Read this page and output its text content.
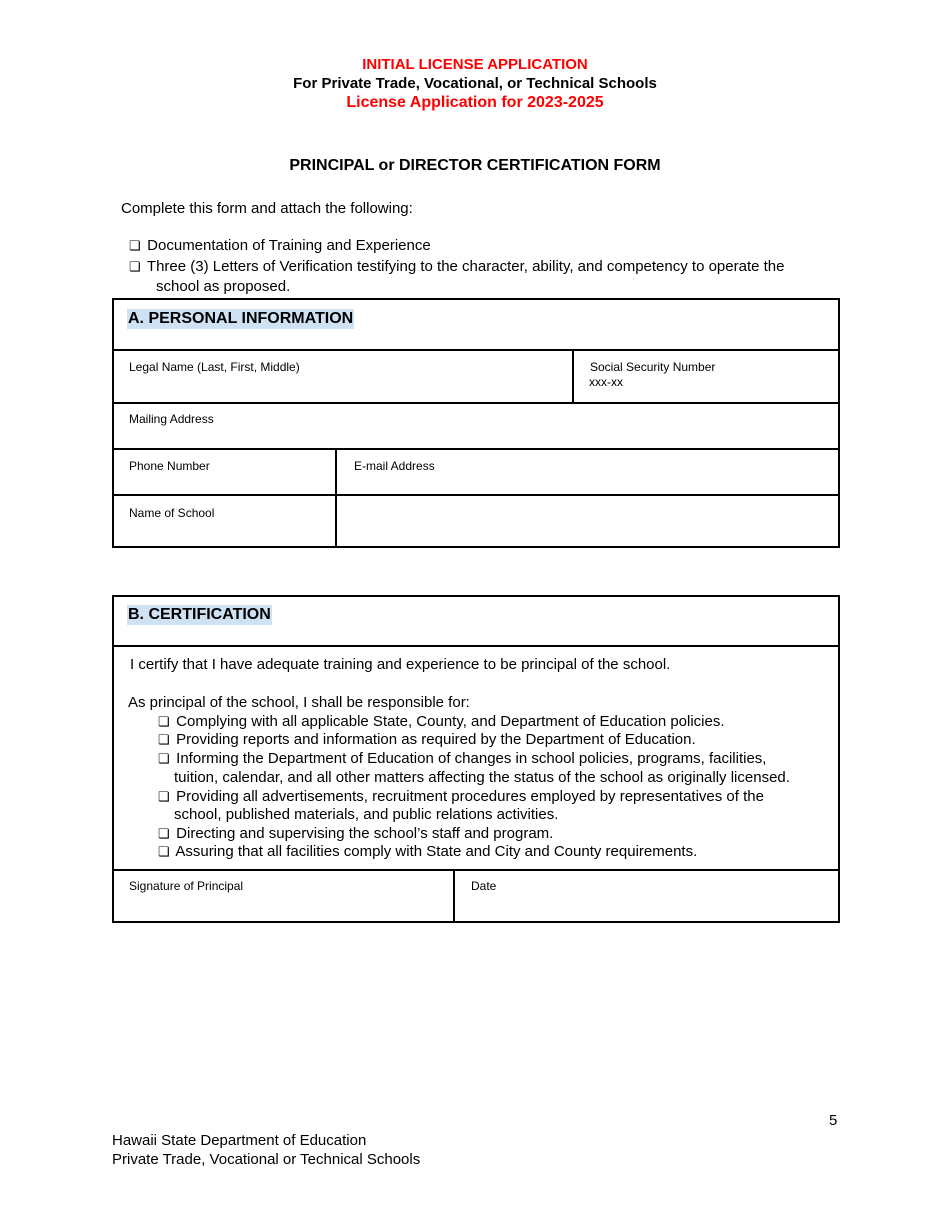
INITIAL LICENSE APPLICATION
For Private Trade, Vocational, or Technical Schools
License Application for 2023-2025
PRINCIPAL or DIRECTOR CERTIFICATION FORM
Complete this form and attach the following:
❏ Documentation of Training and Experience
❏ Three (3) Letters of Verification testifying to the character, ability, and competency to operate the
school as proposed.
A. PERSONAL INFORMATION
Legal Name (Last, First, Middle)	Social Security Number
xxx-xx
Mailing Address
Phone Number	E-mail Address
Name of School
B. CERTIFICATION
I certify that I have adequate training and experience to be principal of the school.
As principal of the school, I shall be responsible for:
❏ Complying with all applicable State, County, and Department of Education policies.
❏ Providing reports and information as required by the Department of Education.
❏ Informing the Department of Education of changes in school policies, programs, facilities,
tuition, calendar, and all other matters affecting the status of the school as originally licensed.
❏ Providing all advertisements, recruitment procedures employed by representatives of the
school, published materials, and public relations activities.
❏ Directing and supervising the school’s staff and program.
❏ Assuring that all facilities comply with State and City and County requirements.
Signature of Principal	Date
5
Hawaii State Department of Education
Private Trade, Vocational or Technical Schools
